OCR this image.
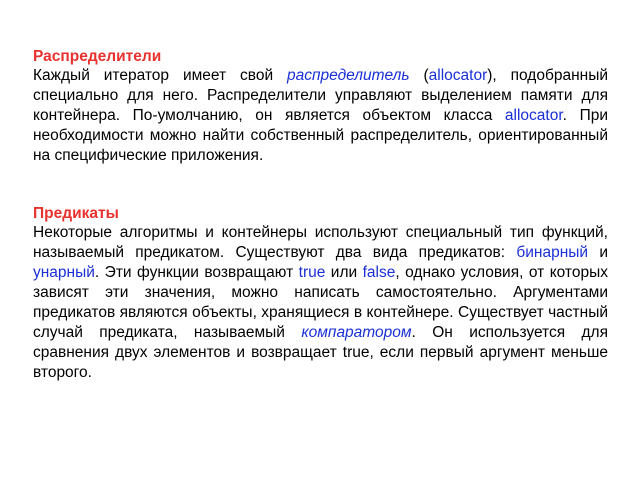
Распределители

Каждый итератор имеет свой распределитель (allocator), подобранный специально для него. Распределители управляют выделением памяти для контейнера. По-умолчанию, он является объектом класса allocator. При необходимости можно найти собственный распределитель, ориентированный на специфические приложения.

Предикаты

Некоторые алгоритмы и контейнеры используют специальный тип функций, называемый предикатом. Существуют два вида предикатов: бинарный и унарный. Эти функции возвращают true или false, однако условия, от которых зависят эти значения, можно написать самостоятельно. Аргументами предикатов являются объекты, хранящиеся в контейнере. Существует частный случай предиката, называемый компаратором. Он используется для сравнения двух элементов и возвращает true, если первый аргумент меньше второго.
